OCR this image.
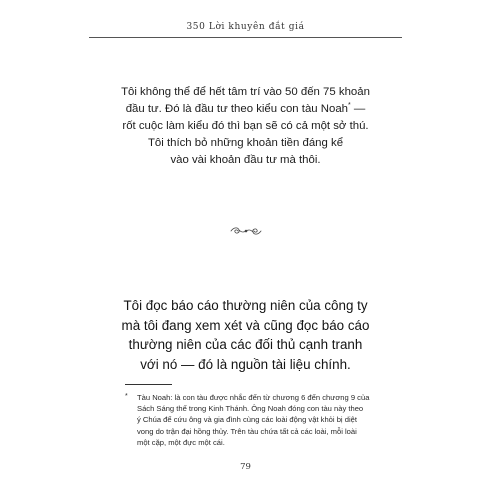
350 Lời khuyên đắt giá
Tôi không thể để hết tâm trí vào 50 đến 75 khoản
đầu tư. Đó là đầu tư theo kiểu con tàu Noah* —
rốt cuộc làm kiểu đó thì bạn sẽ có cả một sở thú.
Tôi thích bỏ những khoản tiền đáng kể
vào vài khoản đầu tư mà thôi.
Tôi đọc báo cáo thường niên của công ty
mà tôi đang xem xét và cũng đọc báo cáo
thường niên của các đối thủ cạnh tranh
với nó — đó là nguồn tài liệu chính.
* Tàu Noah: là con tàu được nhắc đến từ chương 6 đến chương 9 của
Sách Sáng thế trong Kinh Thánh. Ông Noah đóng con tàu này theo
ý Chúa để cứu ông và gia đình cùng các loài động vật khỏi bị diệt
vong do trận đại hồng thủy. Trên tàu chứa tất cả các loài, mỗi loài
một cặp, một đực một cái.
79
